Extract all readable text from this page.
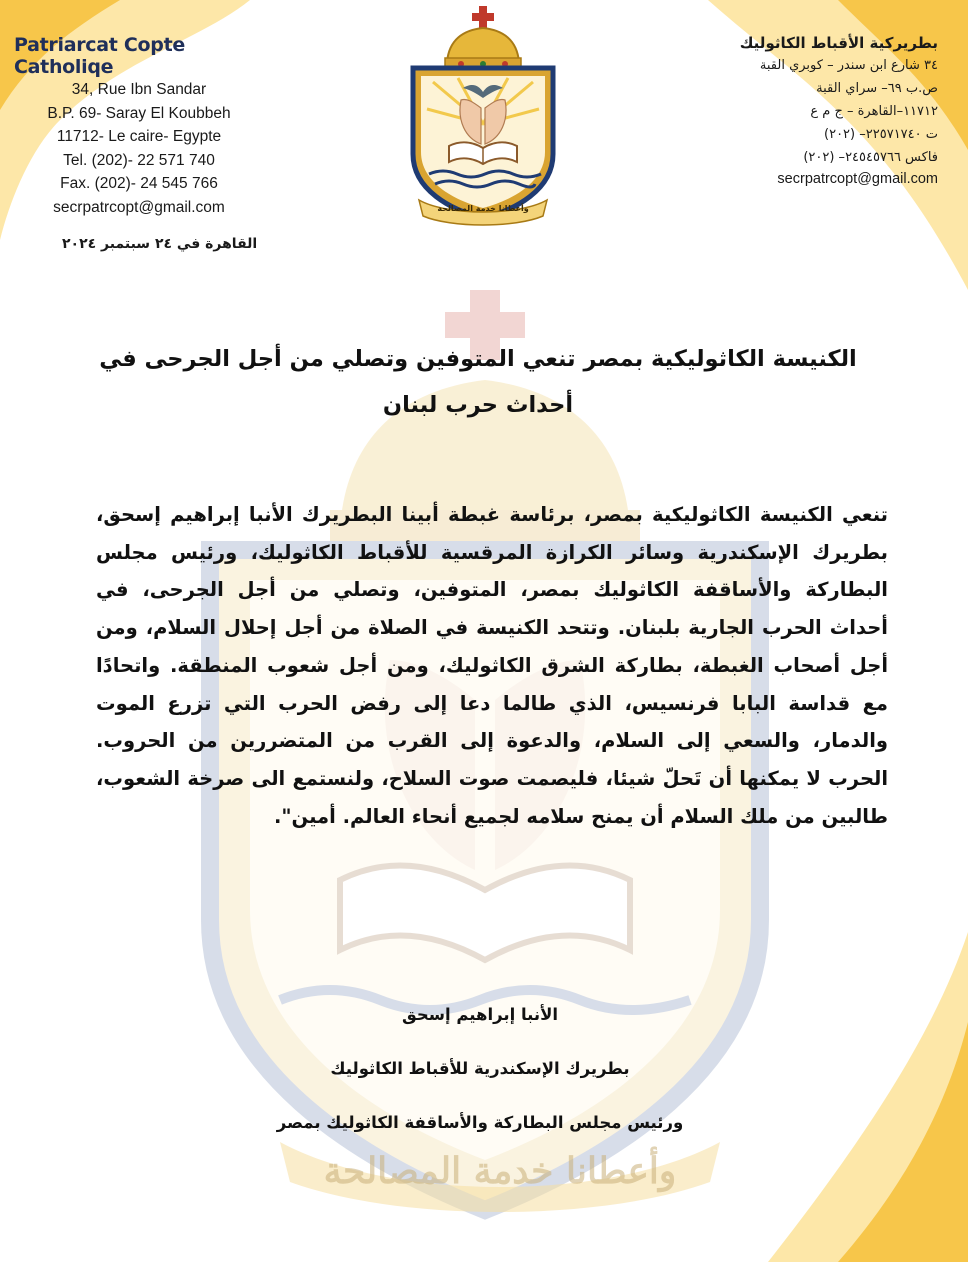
Patriarcat Copte Catholiqe
34, Rue Ibn Sandar
B.P. 69- Saray El Koubbeh
11712- Le caire- Egypte
Tel. (202)- 22 571 740
Fax. (202)- 24 545 766
secrpatrcopt@gmail.com
بطريركية الأقباط الكاثوليك
٣٤ شارع ابن سندر – كوبري القبة
ص.ب ٦٩– سراي القبة
١١٧١٢–القاهرة – ج م ع
ت ٢٢٥٧١٧٤٠– (٢٠٢)
فاكس ٢٤٥٤٥٧٦٦– (٢٠٢)
secrpatrcopt@gmail.com
وأعطانا خدمة المصالحة
القاهرة في ٢٤ سبتمبر ٢٠٢٤
الكنيسة الكاثوليكية بمصر تنعي المتوفين وتصلي من أجل الجرحى في أحداث حرب لبنان
تنعي الكنيسة الكاثوليكية بمصر، برئاسة غبطة أبينا البطريرك الأنبا إبراهيم إسحق، بطريرك الإسكندرية وسائر الكرازة المرقسية للأقباط الكاثوليك، ورئيس مجلس البطاركة والأساقفة الكاثوليك بمصر، المتوفين، وتصلي من أجل الجرحى، في أحداث الحرب الجارية بلبنان. وتتحد الكنيسة في الصلاة من أجل إحلال السلام، ومن أجل أصحاب الغبطة، بطاركة الشرق الكاثوليك، ومن أجل شعوب المنطقة. واتحادًا مع قداسة البابا فرنسيس، الذي طالما دعا إلى رفض الحرب التي تزرع الموت والدمار، والسعي إلى السلام، والدعوة إلى القرب من المتضررين من الحروب. الحرب لا يمكنها أن تَحلّ شيئا، فليصمت صوت السلاح، ولنستمع الى صرخة الشعوب، طالبين من ملك السلام أن يمنح سلامه لجميع أنحاء العالم. أمين".
الأنبا إبراهيم إسحق
بطريرك الإسكندرية للأقباط الكاثوليك
ورئيس مجلس البطاركة والأساقفة الكاثوليك بمصر
وأعطانا خدمة المصالحة
